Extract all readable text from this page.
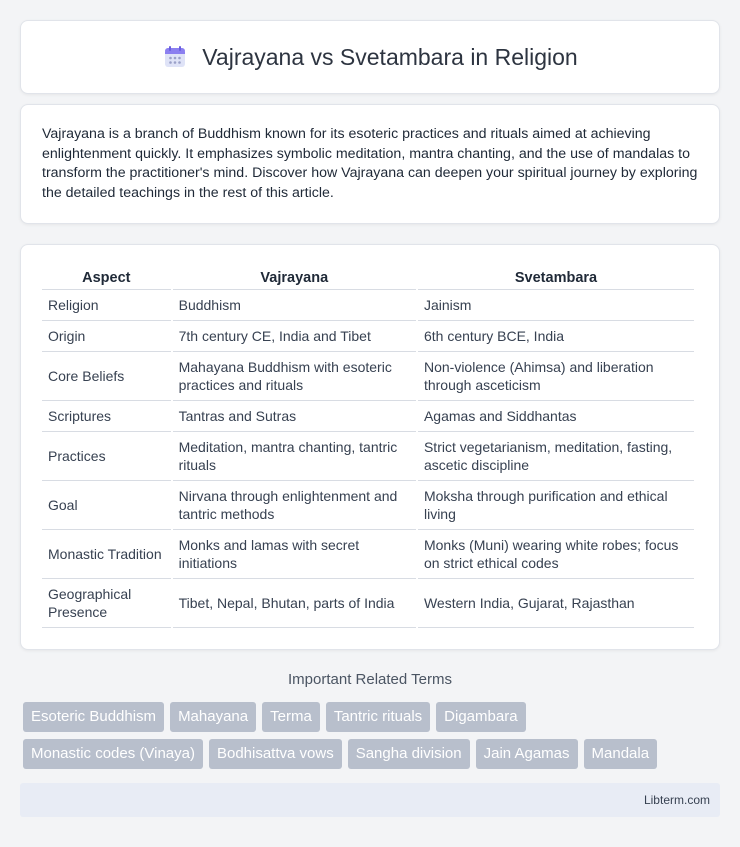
Vajrayana vs Svetambara in Religion

Vajrayana is a branch of Buddhism known for its esoteric practices and rituals aimed at achieving enlightenment quickly. It emphasizes symbolic meditation, mantra chanting, and the use of mandalas to transform the practitioner's mind. Discover how Vajrayana can deepen your spiritual journey by exploring the detailed teachings in the rest of this article.

Aspect	Vajrayana	Svetambara
Religion	Buddhism	Jainism
Origin	7th century CE, India and Tibet	6th century BCE, India
Core Beliefs	Mahayana Buddhism with esoteric practices and rituals	Non-violence (Ahimsa) and liberation through asceticism
Scriptures	Tantras and Sutras	Agamas and Siddhantas
Practices	Meditation, mantra chanting, tantric rituals	Strict vegetarianism, meditation, fasting, ascetic discipline
Goal	Nirvana through enlightenment and tantric methods	Moksha through purification and ethical living
Monastic Tradition	Monks and lamas with secret initiations	Monks (Muni) wearing white robes; focus on strict ethical codes
Geographical Presence	Tibet, Nepal, Bhutan, parts of India	Western India, Gujarat, Rajasthan
Important Related Terms
Esoteric Buddhism	Mahayana	Terma	Tantric rituals	Digambara
Monastic codes (Vinaya)	Bodhisattva vows	Sangha division	Jain Agamas	Mandala
Libterm.com
